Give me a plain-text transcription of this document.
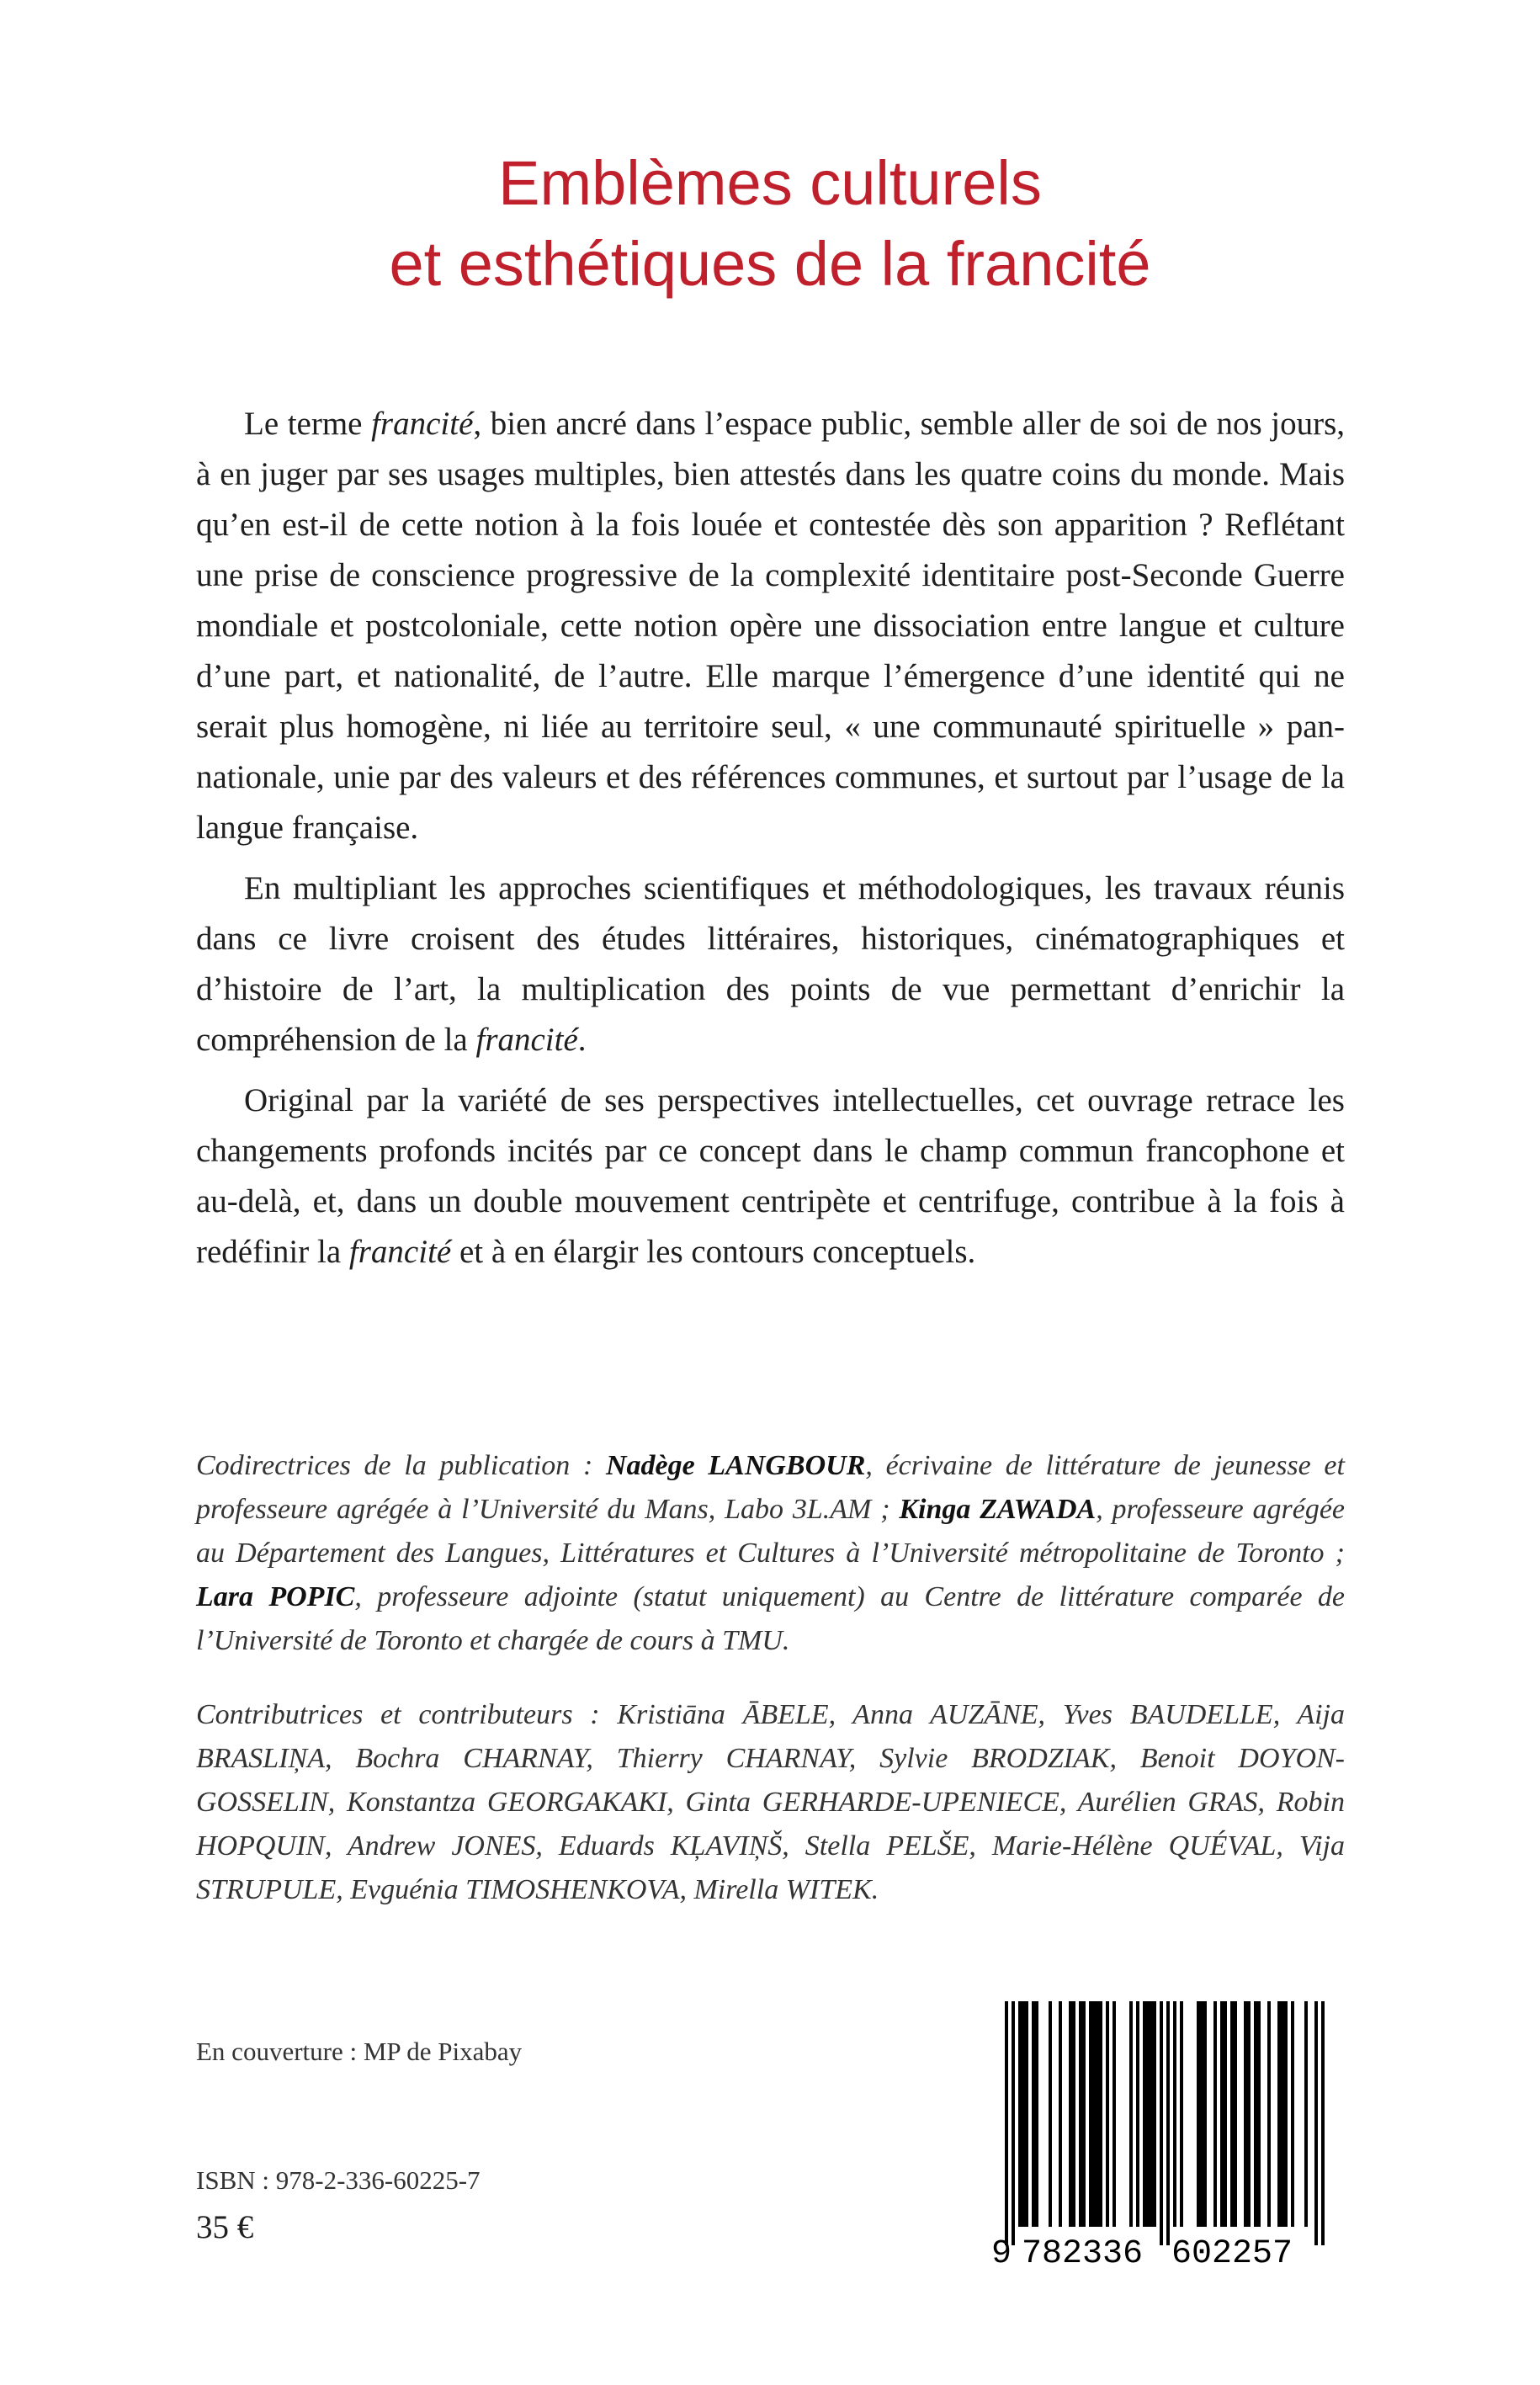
Emblèmes culturels
et esthétiques de la francité

Le terme francité, bien ancré dans l’espace public, semble aller de soi de nos jours, à en juger par ses usages multiples, bien attestés dans les quatre coins du monde. Mais qu’en est-il de cette notion à la fois louée et contestée dès son apparition ? Reflétant une prise de conscience progressive de la complexité identitaire post-Seconde Guerre mondiale et postcoloniale, cette notion opère une dissociation entre langue et culture d’une part, et nationalité, de l’autre. Elle marque l’émergence d’une identité qui ne serait plus homogène, ni liée au territoire seul, « une communauté spirituelle » pan-nationale, unie par des valeurs et des références communes, et surtout par l’usage de la langue française.

En multipliant les approches scientifiques et méthodologiques, les travaux réunis dans ce livre croisent des études littéraires, historiques, cinématographiques et d’histoire de l’art, la multiplication des points de vue permettant d’enrichir la compréhension de la francité.

Original par la variété de ses perspectives intellectuelles, cet ouvrage retrace les changements profonds incités par ce concept dans le champ commun francophone et au-delà, et, dans un double mouvement centripète et centrifuge, contribue à la fois à redéfinir la francité et à en élargir les contours conceptuels.

Codirectrices de la publication : Nadège LANGBOUR, écrivaine de littérature de jeunesse et professeure agrégée à l’Université du Mans, Labo 3L.AM ; Kinga ZAWADA, professeure agrégée au Département des Langues, Littératures et Cultures à l’Université métropolitaine de Toronto ; Lara POPIC, professeure adjointe (statut uniquement) au Centre de littérature comparée de l’Université de Toronto et chargée de cours à TMU.

Contributrices et contributeurs : Kristiāna ĀBELE, Anna AUZĀNE, Yves BAUDELLE, Aija BRASLIŅA, Bochra CHARNAY, Thierry CHARNAY, Sylvie BRODZIAK, Benoit DOYON-GOSSELIN, Konstantza GEORGAKAKI, Ginta GERHARDE-UPENIECE, Aurélien GRAS, Robin HOPQUIN, Andrew JONES, Eduards KĻAVIŅŠ, Stella PELŠE, Marie-Hélène QUÉVAL, Vija STRUPULE, Evguénia TIMOSHENKOVA, Mirella WITEK.

En couverture : MP de Pixabay
ISBN : 978-2-336-60225-7
35 €
9 782336 602257
